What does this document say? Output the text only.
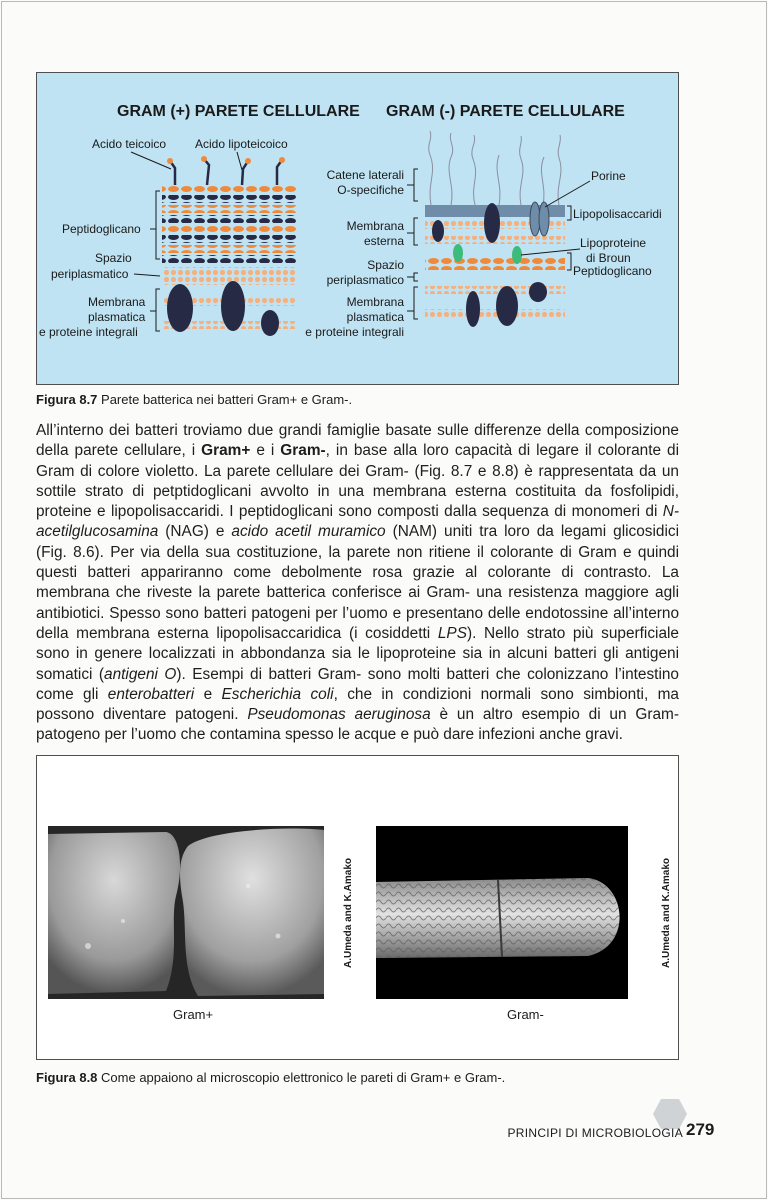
GRAM (+) PARETE CELLULARE GRAM (-) PARETE CELLULARE
Acido teicoico Acido lipoteicoico
Peptidoglicano
Spazio
periplasmatico
Membrana
plasmatica
e proteine integrali
Catene laterali
O-specifiche
Membrana
esterna
Spazio
periplasmatico
Membrana
plasmatica
e proteine integrali
Porine
Lipopolisaccaridi
Lipoproteine
di Broun
Peptidoglicano
Figura 8.7 Parete batterica nei batteri Gram+ e Gram-.

All’interno dei batteri troviamo due grandi famiglie basate sulle differenze della composizione della parete cellulare, i Gram+ e i Gram-, in base alla loro capacità di legare il colorante di Gram di colore violetto. La parete cellulare dei Gram- (Fig. 8.7 e 8.8) è rappresentata da un sottile strato di petptidoglicani avvolto in una membrana esterna costituita da fosfolipidi, proteine e lipopolisaccaridi. I peptidoglicani sono composti dalla sequenza di monomeri di N-acetilglucosamina (NAG) e acido acetil muramico (NAM) uniti tra loro da legami glicosidici (Fig. 8.6). Per via della sua costituzione, la parete non ritiene il colorante di Gram e quindi questi batteri appariranno come debolmente rosa grazie al colorante di contrasto. La membrana che riveste la parete batterica conferisce ai Gram- una resistenza maggiore agli antibiotici. Spesso sono batteri patogeni per l’uomo e presentano delle endotossine all’interno della membrana esterna lipopolisaccaridica (i cosiddetti LPS). Nello strato più superficiale sono in genere localizzati in abbondanza sia le lipoproteine sia in alcuni batteri gli antigeni somatici (antigeni O). Esempi di batteri Gram- sono molti batteri che colonizzano l’intestino come gli enterobatteri e Escherichia coli, che in condizioni normali sono simbionti, ma possono diventare patogeni. Pseudomonas aeruginosa è un altro esempio di un Gram- patogeno per l’uomo che contamina spesso le acque e può dare infezioni anche gravi.

A.Umeda and K.Amako	A.Umeda and K.Amako
Gram+	Gram-
Figura 8.8 Come appaiono al microscopio elettronico le pareti di Gram+ e Gram-.
PRINCIPI DI MICROBIOLOGIA 279
